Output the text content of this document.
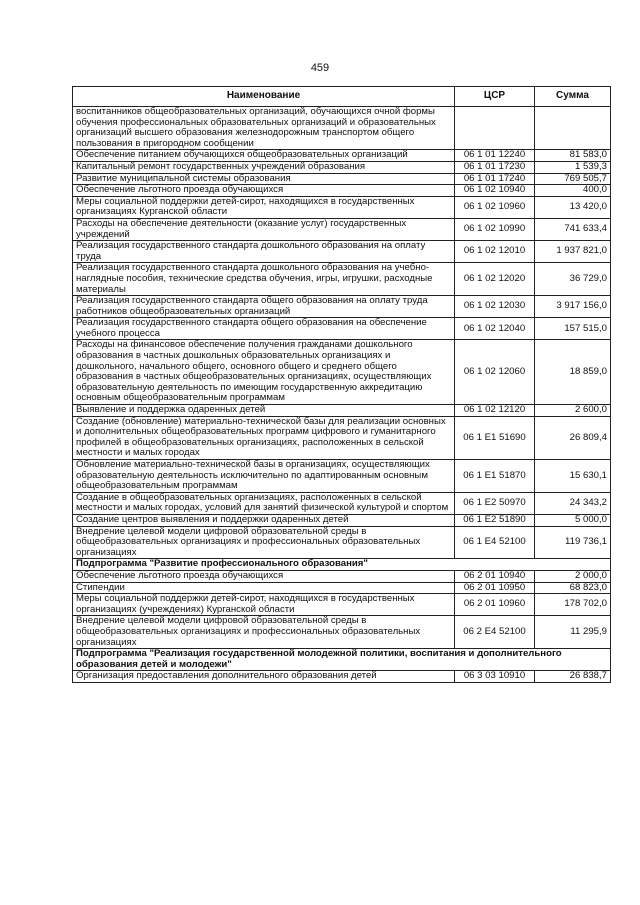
459
Наименование	ЦСР	Сумма
воспитанников общеобразовательных организаций, обучающихся очной формы обучения профессиональных образовательных организаций и образовательных организаций высшего образования железнодорожным транспортом общего пользования в пригородном сообщении		
Обеспечение питанием обучающихся общеобразовательных организаций	06 1 01 12240	81 583,0
Капитальный ремонт государственных учреждений образования	06 1 01 17230	1 539,3
Развитие муниципальной системы образования	06 1 01 17240	769 505,7
Обеспечение льготного проезда обучающихся	06 1 02 10940	400,0
Меры социальной поддержки детей-сирот, находящихся в государственных организациях Курганской области	06 1 02 10960	13 420,0
Расходы на обеспечение деятельности (оказание услуг) государственных учреждений	06 1 02 10990	741 633,4
Реализация государственного стандарта дошкольного образования на оплату труда	06 1 02 12010	1 937 821,0
Реализация государственного стандарта дошкольного образования на учебно-наглядные пособия, технические средства обучения, игры, игрушки, расходные материалы	06 1 02 12020	36 729,0
Реализация государственного стандарта общего образования на оплату труда работников общеобразовательных организаций	06 1 02 12030	3 917 156,0
Реализация государственного стандарта общего образования на обеспечение учебного процесса	06 1 02 12040	157 515,0
Расходы на финансовое обеспечение получения гражданами дошкольного образования в частных дошкольных образовательных организациях и дошкольного, начального общего, основного общего и среднего общего образования в частных общеобразовательных организациях, осуществляющих образовательную деятельность по имеющим государственную аккредитацию основным общеобразовательным программам	06 1 02 12060	18 859,0
Выявление и поддержка одаренных детей	06 1 02 12120	2 600,0
Создание (обновление) материально-технической базы для реализации основных и дополнительных общеобразовательных программ цифрового и гуманитарного профилей в общеобразовательных организациях, расположенных в сельской местности и малых городах	06 1 E1 51690	26 809,4
Обновление материально-технической базы в организациях, осуществляющих образовательную деятельность исключительно по адаптированным основным общеобразовательным программам	06 1 E1 51870	15 630,1
Создание в общеобразовательных организациях, расположенных в сельской местности и малых городах, условий для занятий физической культурой и спортом	06 1 E2 50970	24 343,2
Создание центров выявления и поддержки одаренных детей	06 1 E2 51890	5 000,0
Внедрение целевой модели цифровой образовательной среды в общеобразовательных организациях и профессиональных образовательных организациях	06 1 E4 52100	119 736,1
Подпрограмма "Развитие профессионального образования"		
Обеспечение льготного проезда обучающихся	06 2 01 10940	2 000,0
Стипендии	06 2 01 10950	68 823,0
Меры социальной поддержки детей-сирот, находящихся в государственных организациях (учреждениях) Курганской области	06 2 01 10960	178 702,0
Внедрение целевой модели цифровой образовательной среды в общеобразовательных организациях и профессиональных образовательных организациях	06 2 E4 52100	11 295,9
Подпрограмма "Реализация государственной молодежной политики, воспитания и дополнительного образования детей и молодежи"		
Организация предоставления дополнительного образования детей	06 3 03 10910	26 838,7
